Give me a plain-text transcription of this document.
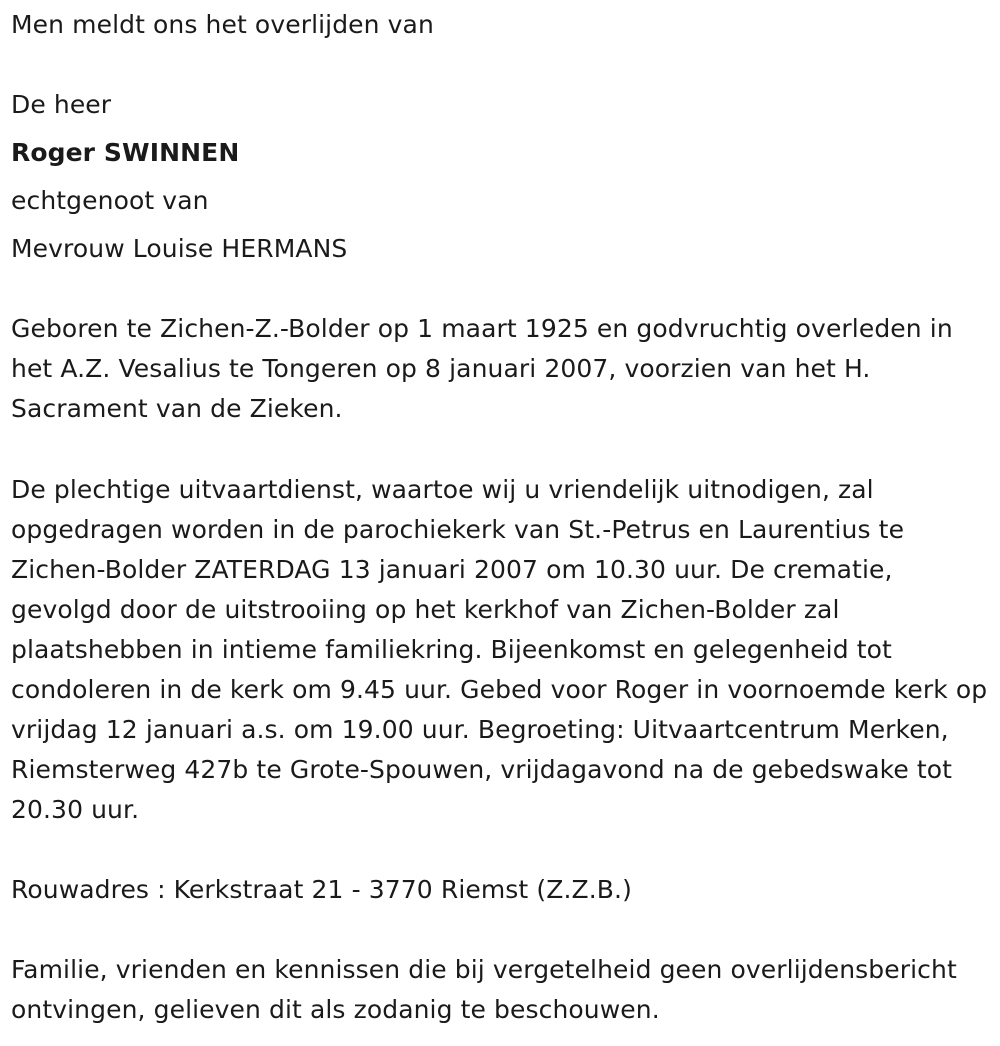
Men meldt ons het overlijden van
De heer
Roger SWINNEN
echtgenoot van
Mevrouw Louise HERMANS
Geboren te Zichen-Z.-Bolder op 1 maart 1925 en godvruchtig overleden in het A.Z. Vesalius te Tongeren op 8 januari 2007, voorzien van het H. Sacrament van de Zieken.
De plechtige uitvaartdienst, waartoe wij u vriendelijk uitnodigen, zal opgedragen worden in de parochiekerk van St.-Petrus en Laurentius te Zichen-Bolder ZATERDAG 13 januari 2007 om 10.30 uur. De crematie, gevolgd door de uitstrooiing op het kerkhof van Zichen-Bolder zal plaatshebben in intieme familiekring. Bijeenkomst en gelegenheid tot condoleren in de kerk om 9.45 uur. Gebed voor Roger in voornoemde kerk op vrijdag 12 januari a.s. om 19.00 uur. Begroeting: Uitvaartcentrum Merken, Riemsterweg 427b te Grote-Spouwen, vrijdagavond na de gebedswake tot 20.30 uur.
Rouwadres : Kerkstraat 21 - 3770 Riemst (Z.Z.B.)
Familie, vrienden en kennissen die bij vergetelheid geen overlijdensbericht ontvingen, gelieven dit als zodanig te beschouwen.
